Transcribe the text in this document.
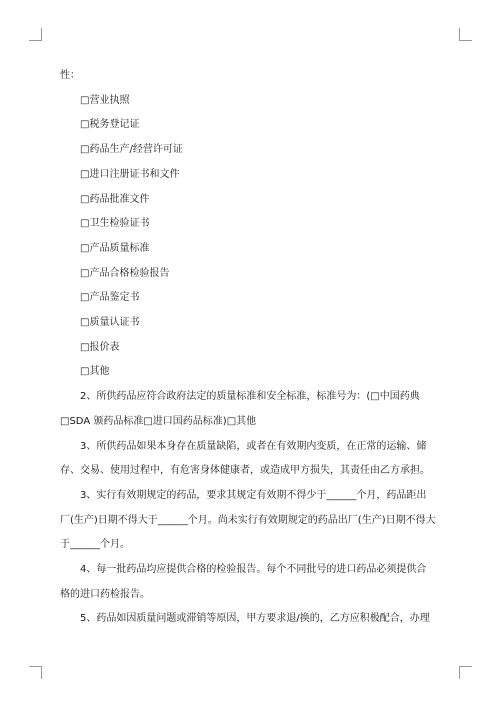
性：
□营业执照
□税务登记证
□药品生产/经营许可证
□进口注册证书和文件
□药品批准文件
□卫生检验证书
□产品质量标准
□产品合格检验报告
□产品鉴定书
□质量认证书
□报价表
□其他
2、所供药品应符合政府法定的质量标准和安全标准，标准号为：(□中国药典
□SDA 颁药品标准□进口国药品标准)□其他
3、所供药品如果本身存在质量缺陷，或者在有效期内变质，在正常的运输、储
存、交易、使用过程中，有危害身体健康者，或造成甲方损失，其责任由乙方承担。
3、实行有效期规定的药品，要求其规定有效期不得少于______个月，药品距出
厂(生产)日期不得大于______个月。尚未实行有效期规定的药品出厂(生产)日期不得大
于______个月。
4、每一批药品均应提供合格的检验报告。每个不同批号的进口药品必须提供合
格的进口药检报告。
5、药品如因质量问题或滞销等原因，甲方要求退/换的，乙方应积极配合，办理
